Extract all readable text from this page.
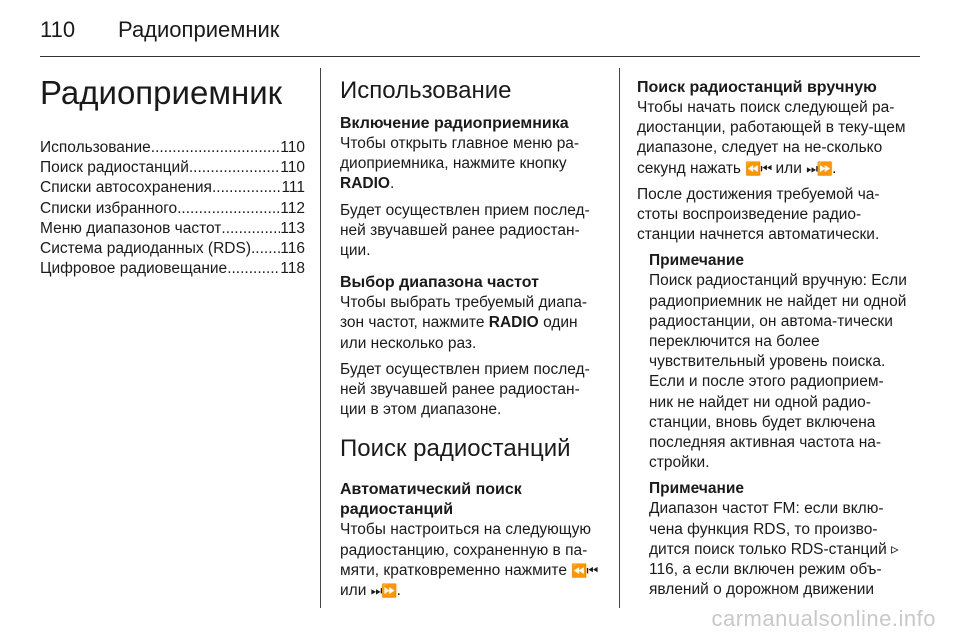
110	Радиоприемник
Радиоприемник
Использование .....	110
Поиск радиостанций .....	110
Списки автосохранения .....	111
Списки избранного .....	112
Меню диапазонов частот .....	113
Система радиоданных (RDS) ..... 116
Цифровое радиовещание .....	118
Использование
Включение радиоприемника

Чтобы открыть главное меню ра-диоприемника, нажмите кнопку RADIO.

Будет осуществлен прием послед-ней звучавшей ранее радиостан-ции.

Выбор диапазона частот

Чтобы выбрать требуемый диапа-зон частот, нажмите RADIO один или несколько раз.

Будет осуществлен прием послед-ней звучавшей ранее радиостан-ции в этом диапазоне.

Поиск радиостанций
Автоматический поиск радиостанций

Чтобы настроиться на следующую радиостанцию, сохраненную в па-мяти, кратковременно нажмите ⏪⏮ или ⏭⏩.

Поиск радиостанций вручную

Чтобы начать поиск следующей ра-диостанции, работающей в теку-щем диапазоне, следует на не-сколько секунд нажать ⏪⏮ или ⏭⏩.

После достижения требуемой ча-стоты воспроизведение радио-станции начнется автоматически.

Примечание

Поиск радиостанций вручную: Если радиоприемник не найдет ни одной радиостанции, он автома-тически переключится на более чувствительный уровень поиска. Если и после этого радиоприем-ник не найдет ни одной радио-станции, вновь будет включена последняя активная частота на-стройки.

Примечание

Диапазон частот FM: если вклю-чена функция RDS, то произво-дится поиск только RDS-станций ▹ 116, а если включен режим объ-явлений о дорожном движении

carmanualsonline.info
